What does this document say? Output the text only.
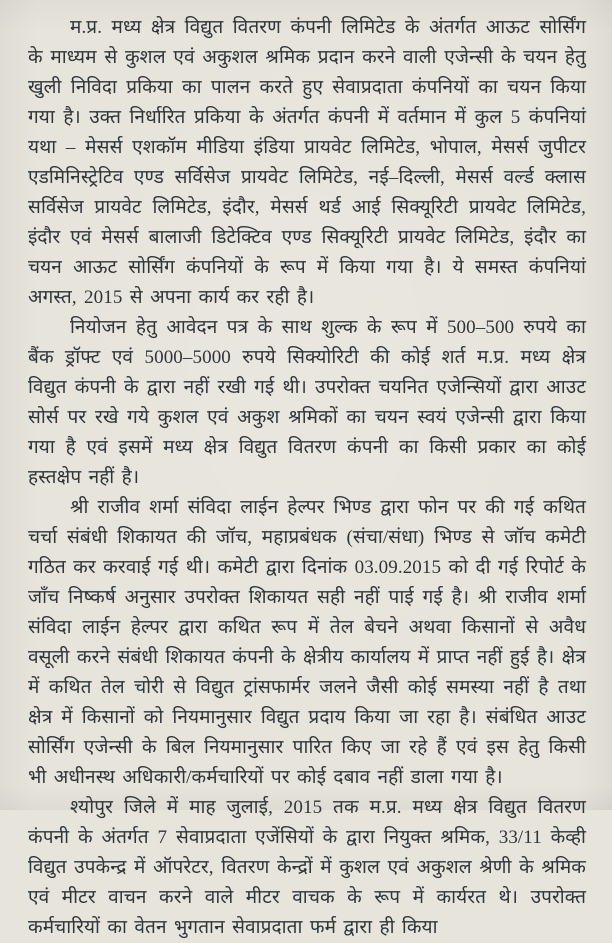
म.प्र. मध्य क्षेत्र विद्युत वितरण कंपनी लिमिटेड के अंतर्गत आऊट सोर्सिंग के माध्यम से कुशल एवं अकुशल श्रमिक प्रदान करने वाली एजेन्सी के चयन हेतु खुली निविदा प्रकिया का पालन करते हुए सेवाप्रदाता कंपनियों का चयन किया गया है। उक्त निर्धारित प्रकिया के अंतर्गत कंपनी में वर्तमान में कुल 5 कंपनियां यथा – मेसर्स एशकॉम मीडिया इंडिया प्रायवेट लिमिटेड, भोपाल, मेसर्स जुपीटर एडमिनिस्ट्रेटिव एण्ड सर्विसेज प्रायवेट लिमिटेड, नई–दिल्ली, मेसर्स वर्ल्ड क्लास सर्विसेज प्रायवेट लिमिटेड, इंदौर, मेसर्स थर्ड आई सिक्यूरिटी प्रायवेट लिमिटेड, इंदौर एवं मेसर्स बालाजी डिटेक्टिव एण्ड सिक्यूरिटी प्रायवेट लिमिटेड, इंदौर का चयन आऊट सोर्सिंग कंपनियों के रूप में किया गया है। ये समस्त कंपनियां अगस्त, 2015 से अपना कार्य कर रही है।

नियोजन हेतु आवेदन पत्र के साथ शुल्क के रूप में 500–500 रुपये का बैंक ड्रॉफ्ट एवं 5000–5000 रुपये सिक्योरिटी की कोई शर्त म.प्र. मध्य क्षेत्र विद्युत कंपनी के द्वारा नहीं रखी गई थी। उपरोक्त चयनित एजेन्सियों द्वारा आउट सोर्स पर रखे गये कुशल एवं अकुश श्रमिकों का चयन स्वयं एजेन्सी द्वारा किया गया है एवं इसमें मध्य क्षेत्र विद्युत वितरण कंपनी का किसी प्रकार का कोई हस्तक्षेप नहीं है।

श्री राजीव शर्मा संविदा लाईन हेल्पर भिण्ड द्वारा फोन पर की गई कथित चर्चा संबंधी शिकायत की जॉच, महाप्रबंधक (संचा/संधा) भिण्ड से जॉच कमेटी गठित कर करवाई गई थी। कमेटी द्वारा दिनांक 03.09.2015 को दी गई रिपोर्ट के जाँच निष्कर्ष अनुसार उपरोक्त शिकायत सही नहीं पाई गई है। श्री राजीव शर्मा संविदा लाईन हेल्पर द्वारा कथित रूप में तेल बेचने अथवा किसानों से अवैध वसूली करने संबंधी शिकायत कंपनी के क्षेत्रीय कार्यालय में प्राप्त नहीं हुई है। क्षेत्र में कथित तेल चोरी से विद्युत ट्रांसफार्मर जलने जैसी कोई समस्या नहीं है तथा क्षेत्र में किसानों को नियमानुसार विद्युत प्रदाय किया जा रहा है। संबंधित आउट सोर्सिंग एजेन्सी के बिल नियमानुसार पारित किए जा रहे हैं एवं इस हेतु किसी भी अधीनस्थ अधिकारी/कर्मचारियों पर कोई दबाव नहीं डाला गया है।

श्योपुर जिले में माह जुलाई, 2015 तक म.प्र. मध्य क्षेत्र विद्युत वितरण कंपनी के अंतर्गत 7 सेवाप्रदाता एजेंसियों के द्वारा नियुक्त श्रमिक, 33/11 केव्ही विद्युत उपकेन्द्र में ऑपरेटर, वितरण केन्द्रों में कुशल एवं अकुशल श्रेणी के श्रमिक एवं मीटर वाचन करने वाले मीटर वाचक के रूप में कार्यरत थे। उपरोक्त कर्मचारियों का वेतन भुगतान सेवाप्रदाता फर्म द्वारा ही किया
